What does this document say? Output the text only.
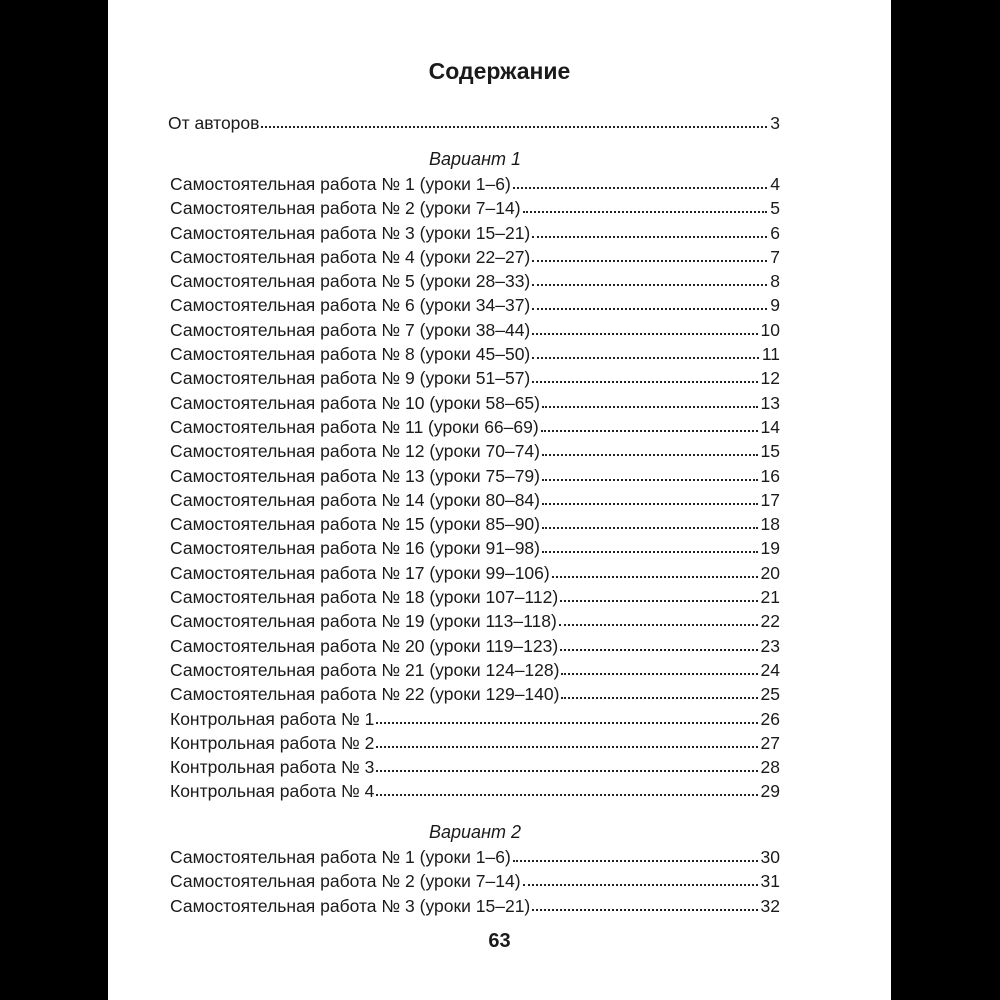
Содержание
От авторов	3
Вариант 1
Самостоятельная работа № 1 (уроки 1–6)	4
Самостоятельная работа № 2 (уроки 7–14)	5
Самостоятельная работа № 3 (уроки 15–21)	6
Самостоятельная работа № 4 (уроки 22–27)	7
Самостоятельная работа № 5 (уроки 28–33)	8
Самостоятельная работа № 6 (уроки 34–37)	9
Самостоятельная работа № 7 (уроки 38–44)	10
Самостоятельная работа № 8 (уроки 45–50)	11
Самостоятельная работа № 9 (уроки 51–57)	12
Самостоятельная работа № 10 (уроки 58–65)	13
Самостоятельная работа № 11 (уроки 66–69)	14
Самостоятельная работа № 12 (уроки 70–74)	15
Самостоятельная работа № 13 (уроки 75–79)	16
Самостоятельная работа № 14 (уроки 80–84)	17
Самостоятельная работа № 15 (уроки 85–90)	18
Самостоятельная работа № 16 (уроки 91–98)	19
Самостоятельная работа № 17 (уроки 99–106)	20
Самостоятельная работа № 18 (уроки 107–112)	21
Самостоятельная работа № 19 (уроки 113–118)	22
Самостоятельная работа № 20 (уроки 119–123)	23
Самостоятельная работа № 21 (уроки 124–128)	24
Самостоятельная работа № 22 (уроки 129–140)	25
Контрольная работа № 1	26
Контрольная работа № 2	27
Контрольная работа № 3	28
Контрольная работа № 4	29
Вариант 2
Самостоятельная работа № 1 (уроки 1–6)	30
Самостоятельная работа № 2 (уроки 7–14)	31
Самостоятельная работа № 3 (уроки 15–21)	32
63
